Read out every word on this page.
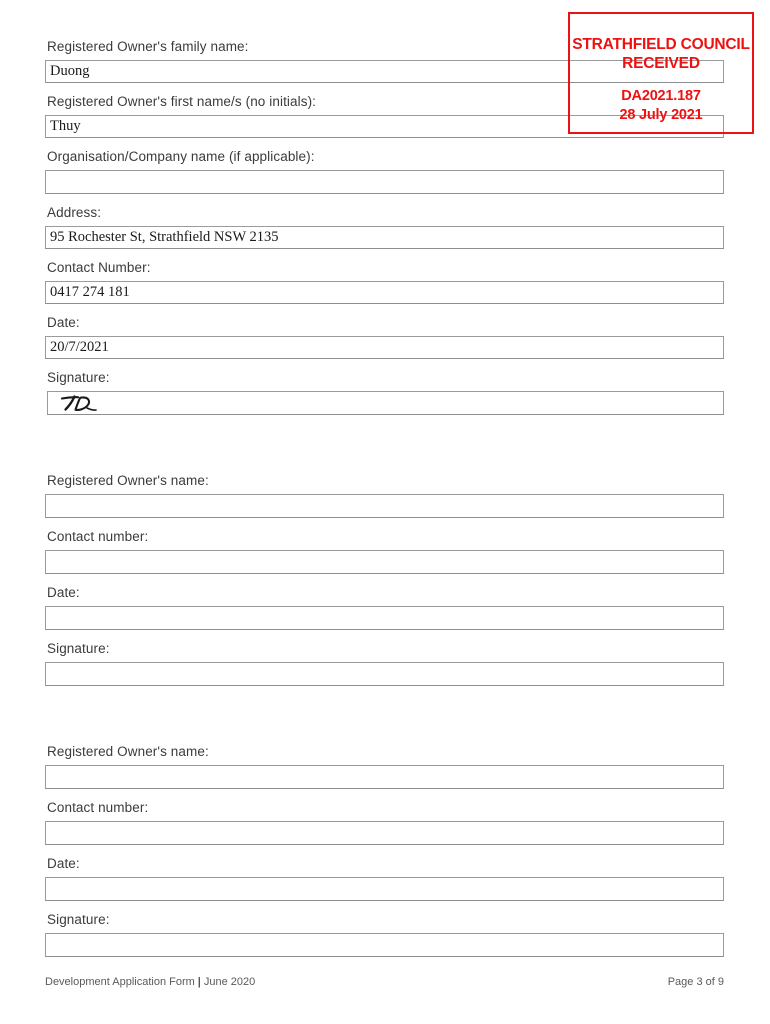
Registered Owner's family name:
Duong
Registered Owner's first name/s (no initials):
Thuy
Organisation/Company name (if applicable):
Address:
95 Rochester St, Strathfield NSW 2135
Contact Number:
0417 274 181
Date:
20/7/2021
Signature:
Registered Owner's name:
Contact number:
Date:
Signature:
Registered Owner's name:
Contact number:
Date:
Signature:
STRATHFIELD COUNCIL
RECEIVED
DA2021.187
28 July 2021
Development Application Form | June 2020	Page 3 of 9
